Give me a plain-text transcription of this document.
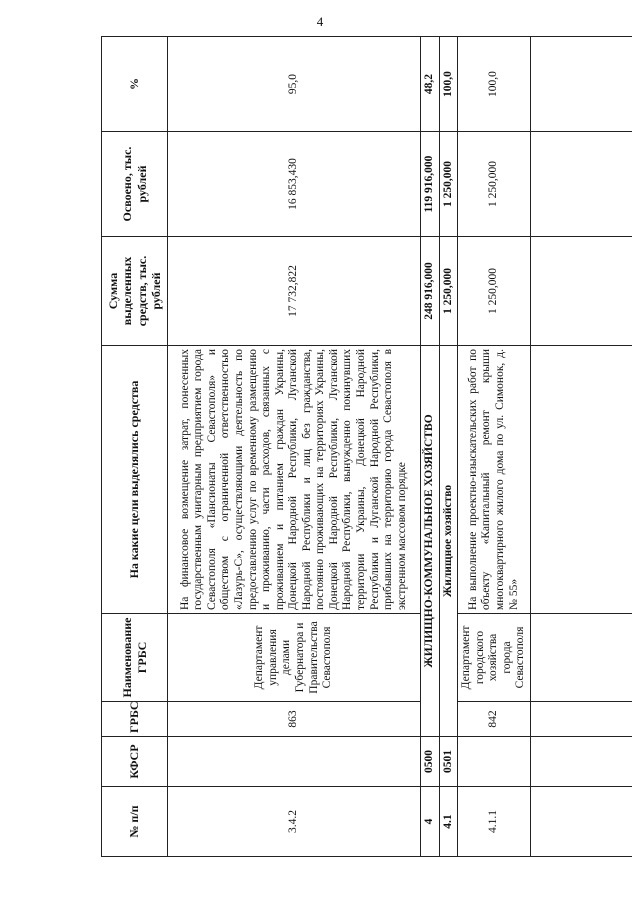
4
№ п/п	КФСР	ГРБС	Наименование ГРБС	На какие цели выделялись средства	Сумма выделенных средств, тыс. рублей	Освоено, тыс. рублей	%
3.4.2		863	Департамент управления делами Губернатора и Правительства Севастополя	На финансовое возмещение затрат, понесенных государственным унитарным предприятием города Севастополя «Пансионаты Севастополя» и обществом с ограниченной ответственностью «Лазурь-С», осуществляющими деятельность по предоставлению услуг по временному размещению и проживанию, части расходов, связанных с проживанием и питанием граждан Украины, Донецкой Народной Республики, Луганской Народной Республики и лиц без гражданства, постоянно проживающих на территориях Украины, Донецкой Народной Республики, Луганской Народной Республики, вынужденно покинувших территории Украины, Донецкой Народной Республики и Луганской Народной Республики, прибывших на территорию города Севастополя в экстренном массовом порядке	17 732,822	16 853,430	95,0
4	0500	ЖИЛИЩНО-КОММУНАЛЬНОЕ ХОЗЯЙСТВО			248 916,000	119 916,000	48,2
4.1	0501	Жилищное хозяйство			1 250,000	1 250,000	100,0
4.1.1		842	Департамент городского хозяйства города Севастополя	На выполнение проектно-изыскательских работ по объекту «Капитальный ремонт крыши многоквартирного жилого дома по ул. Симонок, д. № 55»	1 250,000	1 250,000	100,0
